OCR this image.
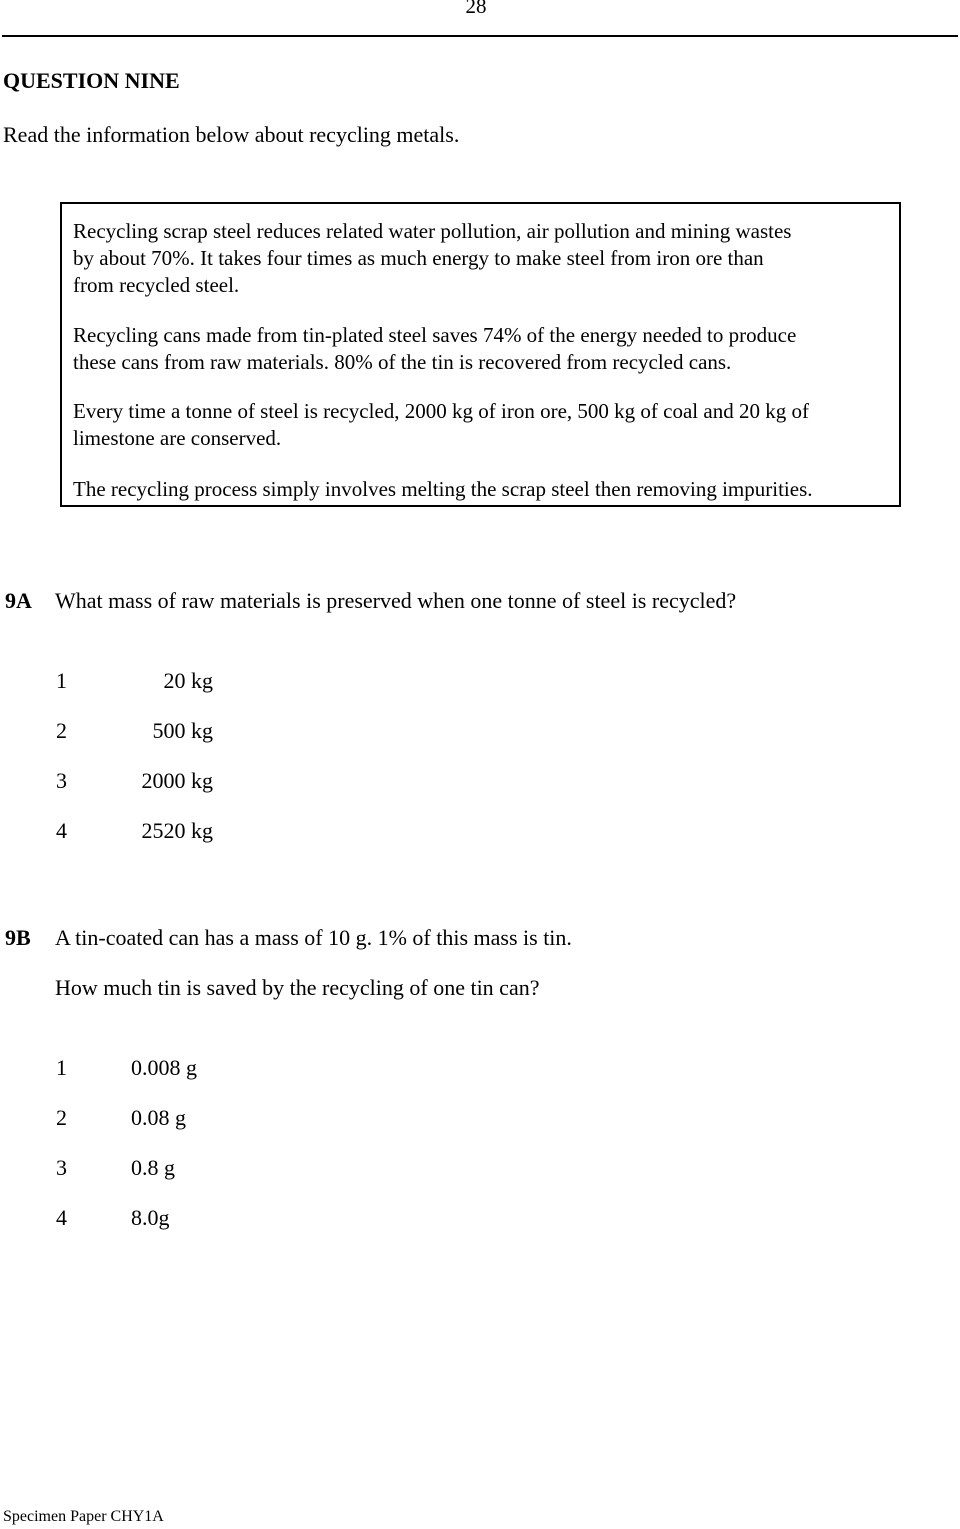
28

QUESTION NINE

Read the information below about recycling metals.

Recycling scrap steel reduces related water pollution, air pollution and mining wastes

by about 70%. It takes four times as much energy to make steel from iron ore than

from recycled steel.

Recycling cans made from tin-plated steel saves 74% of the energy needed to produce

these cans from raw materials. 80% of the tin is recovered from recycled cans.

Every time a tonne of steel is recycled, 2000 kg of iron ore, 500 kg of coal and 20 kg of

limestone are conserved.

The recycling process simply involves melting the scrap steel then removing impurities.

9A What mass of raw materials is preserved when one tonne of steel is recycled?

1	20 kg

2	500 kg

3	2000 kg

4	2520 kg

9B A tin-coated can has a mass of 10 g. 1% of this mass is tin.

How much tin is saved by the recycling of one tin can?

1	0.008 g

2	0.08 g

3	0.8 g

4	8.0g

Specimen Paper CHY1A
